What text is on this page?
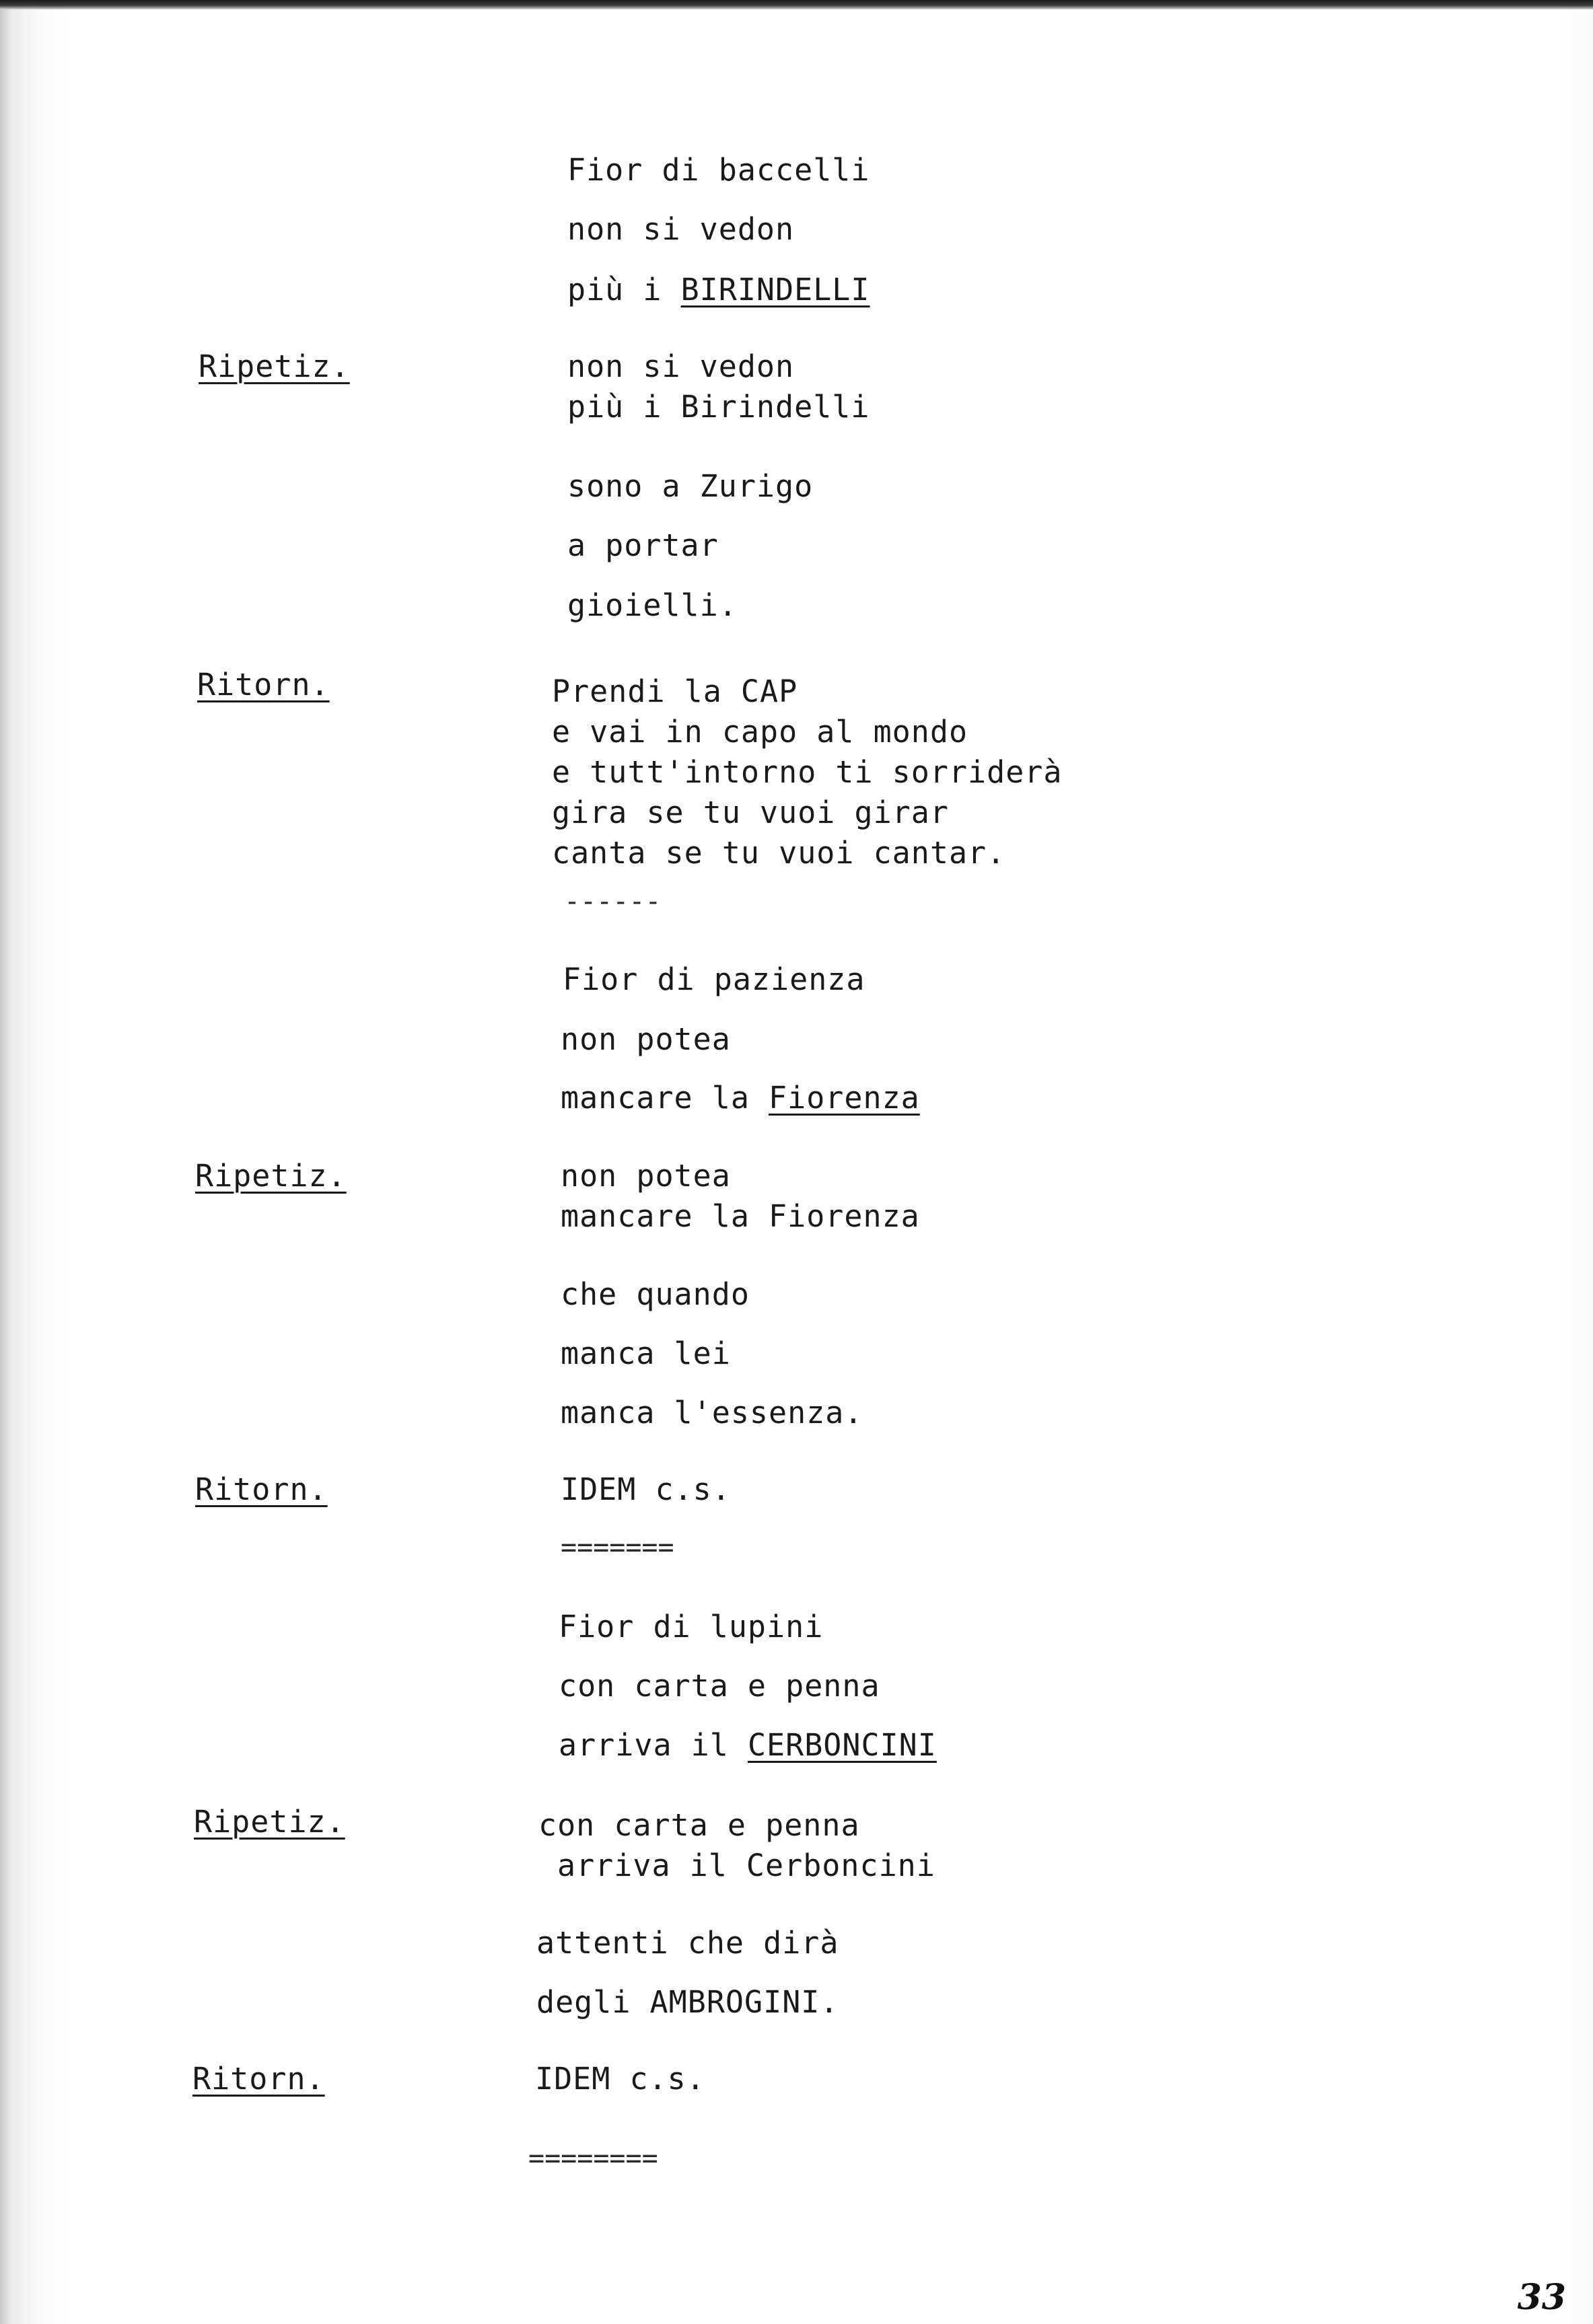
Fior di baccelli
non si vedon
più i BIRINDELLI
Ripetiz.	non si vedon
più i Birindelli
sono a Zurigo
a portar
gioielli.
Ritorn.	Prendi la CAP
e vai in capo al mondo
e tutt'intorno ti sorriderà
gira se tu vuoi girar
canta se tu vuoi cantar.
------
Fior di pazienza
non potea
mancare la Fiorenza
Ripetiz.	non potea
mancare la Fiorenza
che quando
manca lei
manca l'essenza.
Ritorn.	IDEM c.s.
=======
Fior di lupini
con carta e penna
arriva il CERBONCINI
Ripetiz.	con carta e penna
arriva il Cerboncini
attenti che dirà
degli AMBROGINI.
Ritorn.	IDEM c.s.
========
33
